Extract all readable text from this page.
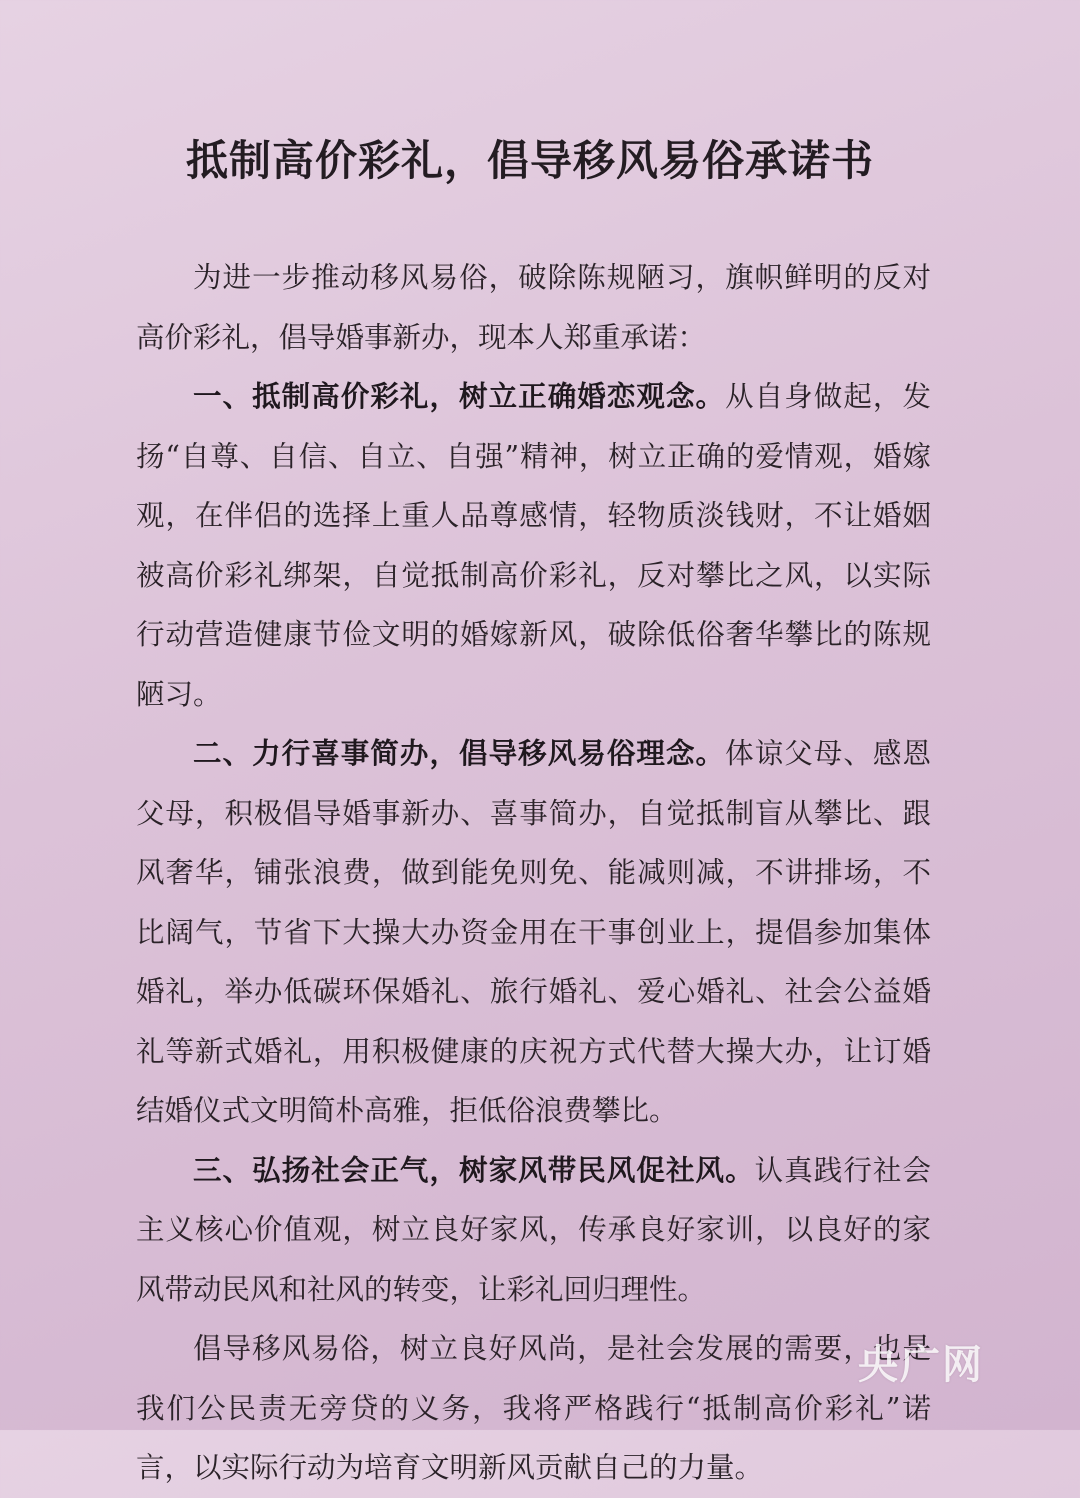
抵制高价彩礼，倡导移风易俗承诺书

为进一步推动移风易俗，破除陈规陋习，旗帜鲜明的反对高价彩礼，倡导婚事新办，现本人郑重承诺：

一、抵制高价彩礼，树立正确婚恋观念。从自身做起，发扬“自尊、自信、自立、自强”精神，树立正确的爱情观，婚嫁观，在伴侣的选择上重人品尊感情，轻物质淡钱财，不让婚姻被高价彩礼绑架，自觉抵制高价彩礼，反对攀比之风，以实际行动营造健康节俭文明的婚嫁新风，破除低俗奢华攀比的陈规陋习。

二、力行喜事简办，倡导移风易俗理念。体谅父母、感恩父母，积极倡导婚事新办、喜事简办，自觉抵制盲从攀比、跟风奢华，铺张浪费，做到能免则免、能减则减，不讲排场，不比阔气，节省下大操大办资金用在干事创业上，提倡参加集体婚礼，举办低碳环保婚礼、旅行婚礼、爱心婚礼、社会公益婚礼等新式婚礼，用积极健康的庆祝方式代替大操大办，让订婚结婚仪式文明简朴高雅，拒低俗浪费攀比。

三、弘扬社会正气，树家风带民风促社风。认真践行社会主义核心价值观，树立良好家风，传承良好家训，以良好的家风带动民风和社风的转变，让彩礼回归理性。

倡导移风易俗，树立良好风尚，是社会发展的需要，也是我们公民责无旁贷的义务，我将严格践行“抵制高价彩礼”诺言，以实际行动为培育文明新风贡献自己的力量。

央广网
